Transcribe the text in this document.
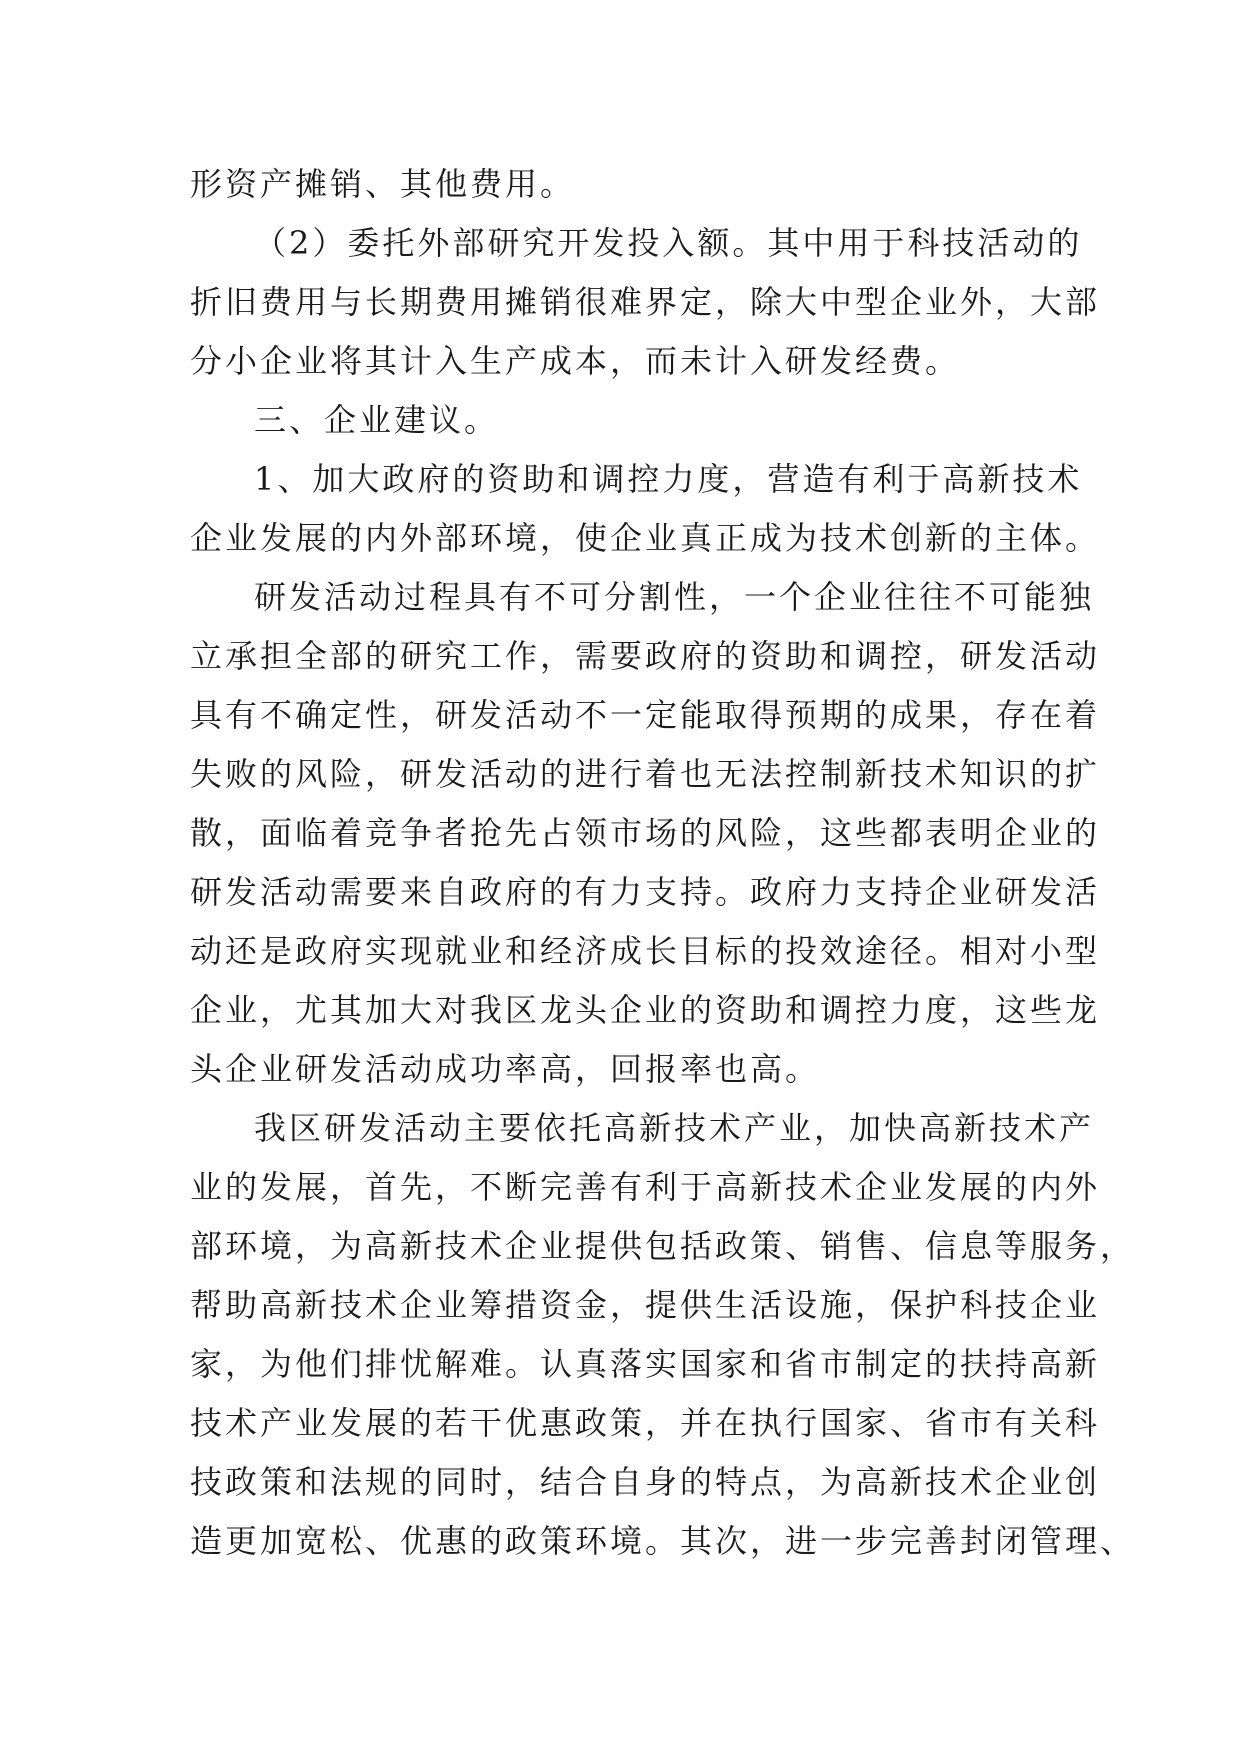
形资产摊销、其他费用。
（2）委托外部研究开发投入额。其中用于科技活动的
折旧费用与长期费用摊销很难界定，除大中型企业外，大部
分小企业将其计入生产成本，而未计入研发经费。
三、企业建议。
1、加大政府的资助和调控力度，营造有利于高新技术
企业发展的内外部环境，使企业真正成为技术创新的主体。
研发活动过程具有不可分割性，一个企业往往不可能独
立承担全部的研究工作，需要政府的资助和调控，研发活动
具有不确定性，研发活动不一定能取得预期的成果，存在着
失败的风险，研发活动的进行着也无法控制新技术知识的扩
散，面临着竞争者抢先占领市场的风险，这些都表明企业的
研发活动需要来自政府的有力支持。政府力支持企业研发活
动还是政府实现就业和经济成长目标的投效途径。相对小型
企业，尤其加大对我区龙头企业的资助和调控力度，这些龙
头企业研发活动成功率高，回报率也高。
我区研发活动主要依托高新技术产业，加快高新技术产
业的发展，首先，不断完善有利于高新技术企业发展的内外
部环境，为高新技术企业提供包括政策、销售、信息等服务，
帮助高新技术企业筹措资金，提供生活设施，保护科技企业
家，为他们排忧解难。认真落实国家和省市制定的扶持高新
技术产业发展的若干优惠政策，并在执行国家、省市有关科
技政策和法规的同时，结合自身的特点，为高新技术企业创
造更加宽松、优惠的政策环境。其次，进一步完善封闭管理、
